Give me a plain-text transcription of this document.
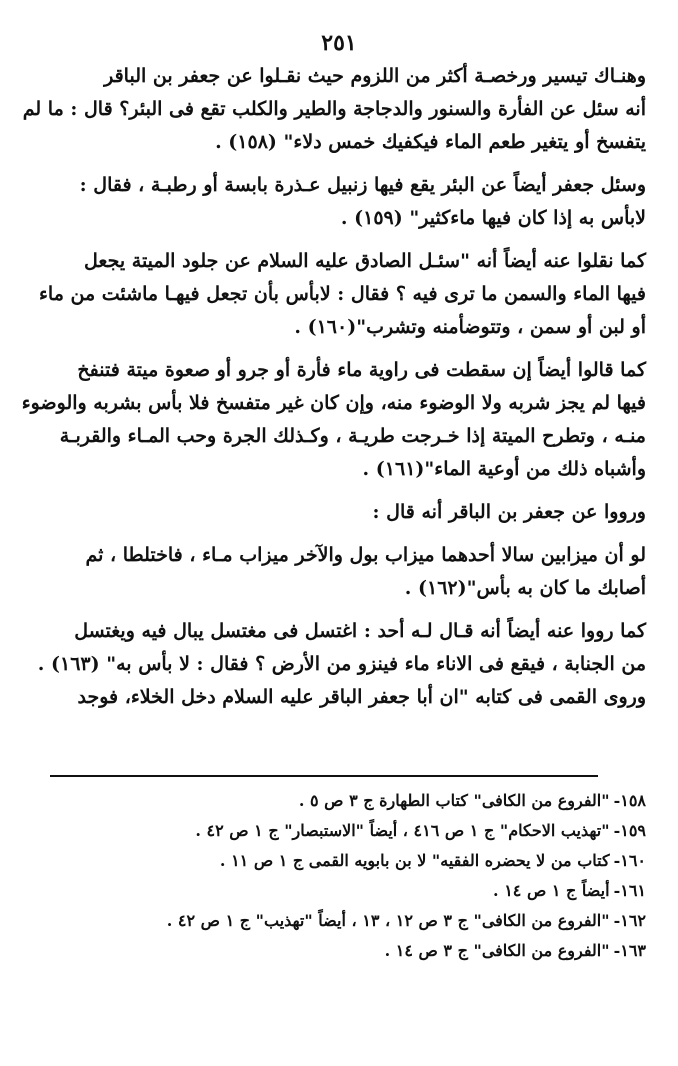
٢٥١

وهنـاك تيسير ورخصـة أكثر من اللزوم حيث نقـلوا عن جعفر بن الباقر
أنه سئل عن الفأرة والسنور والدجاجة والطير والكلب تقع فى البئر؟ قال : ما لم
يتفسخ أو يتغير طعم الماء فيكفيك خمس دلاء" (١٥٨) .

وسئل جعفر أيضاً عن البئر يقع فيها زنبيل عـذرة بابسة أو رطبـة ، فقال :
لابأس به إذا كان فيها ماءكثير" (١٥٩) .

كما نقلوا عنه أيضاً أنه "سئـل الصادق عليه السلام عن جلود الميتة يجعل
فيها الماء والسمن ما ترى فيه ؟ فقال : لابأس بأن تجعل فيهـا ماشئت من ماء
أو لبن أو سمن ، وتتوضأمنه وتشرب"(١٦٠) .

كما قالوا أيضاً إن سقطت فى راوية ماء فأرة أو جرو أو صعوة ميتة فتنفخ
فيها لم يجز شربه ولا الوضوء منه، وإن كان غير متفسخ فلا بأس بشربه والوضوء
منـه ، وتطرح الميتة إذا خـرجت طريـة ، وكـذلك الجرة وحب المـاء والقربـة
وأشباه ذلك من أوعية الماء"(١٦١) .

ورووا عن جعفر بن الباقر أنه قال :

لو أن ميزابين سالا أحدهما ميزاب بول والآخر ميزاب مـاء ، فاختلطا ، ثم
أصابك ما كان به بأس"(١٦٢) .

كما رووا عنه أيضاً أنه قـال لـه أحد : اغتسل فى مغتسل يبال فيه ويغتسل
من الجنابة ، فيقع فى الاناء ماء فينزو من الأرض ؟ فقال : لا بأس به" (١٦٣) .
وروى القمى فى كتابه "ان أبا جعفر الباقر عليه السلام دخل الخلاء، فوجد

١٥٨-"الفروع من الكافى" كتاب الطهارة ج ٣ ص ٥ .
١٥٩-"تهذيب الاحكام" ج ١ ص ٤١٦ ، أيضاً "الاستبصار" ج ١ ص ٤٢ .
١٦٠-كتاب من لا يحضره الفقيه" لا بن بابويه القمى ج ١ ص ١١ .
١٦١-أيضاً ج ١ ص ١٤ .
١٦٢-"الفروع من الكافى" ج ٣ ص ١٢ ، ١٣ ، أيضاً "تهذيب" ج ١ ص ٤٢ .
١٦٣-"الفروع من الكافى" ج ٣ ص ١٤ .
